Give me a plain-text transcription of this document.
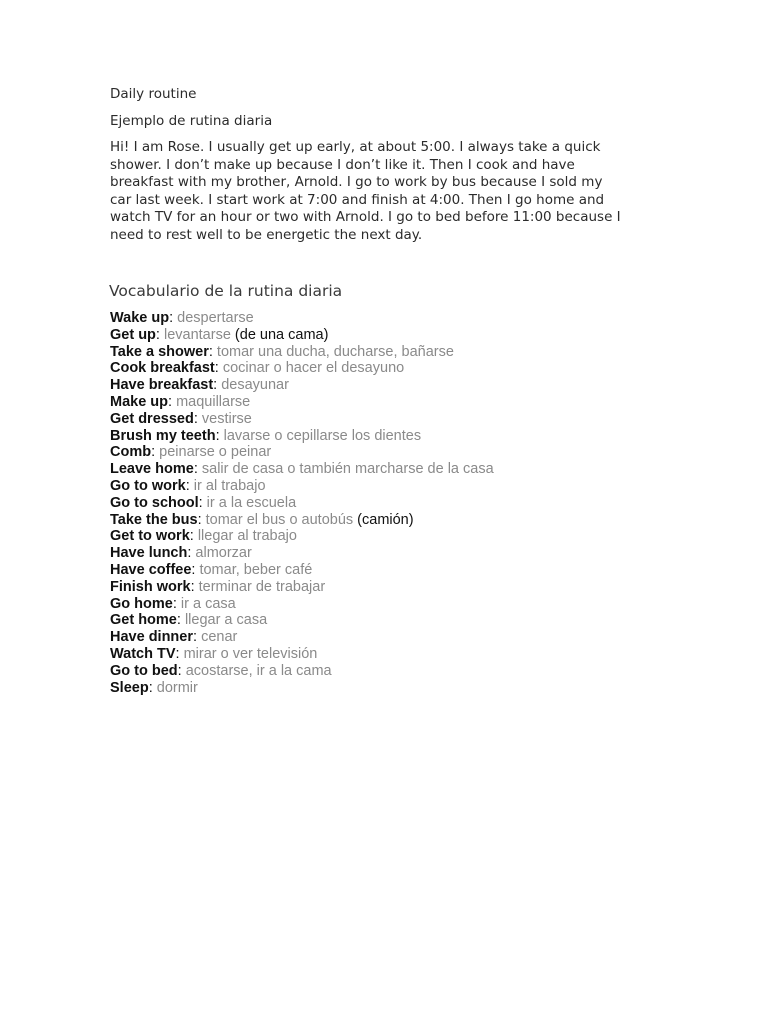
Daily routine
Ejemplo de rutina diaria
Hi! I am Rose. I usually get up early, at about 5:00. I always take a quick
shower. I don’t make up because I don’t like it. Then I cook and have
breakfast with my brother, Arnold. I go to work by bus because I sold my
car last week. I start work at 7:00 and finish at 4:00. Then I go home and
watch TV for an hour or two with Arnold. I go to bed before 11:00 because I
need to rest well to be energetic the next day.
Vocabulario de la rutina diaria
Wake up: despertarse
Get up: levantarse (de una cama)
Take a shower: tomar una ducha, ducharse, bañarse
Cook breakfast: cocinar o hacer el desayuno
Have breakfast: desayunar
Make up: maquillarse
Get dressed: vestirse
Brush my teeth: lavarse o cepillarse los dientes
Comb: peinarse o peinar
Leave home: salir de casa o también marcharse de la casa
Go to work: ir al trabajo
Go to school: ir a la escuela
Take the bus: tomar el bus o autobús (camión)
Get to work: llegar al trabajo
Have lunch: almorzar
Have coffee: tomar, beber café
Finish work: terminar de trabajar
Go home: ir a casa
Get home: llegar a casa
Have dinner: cenar
Watch TV: mirar o ver televisión
Go to bed: acostarse, ir a la cama
Sleep: dormir
